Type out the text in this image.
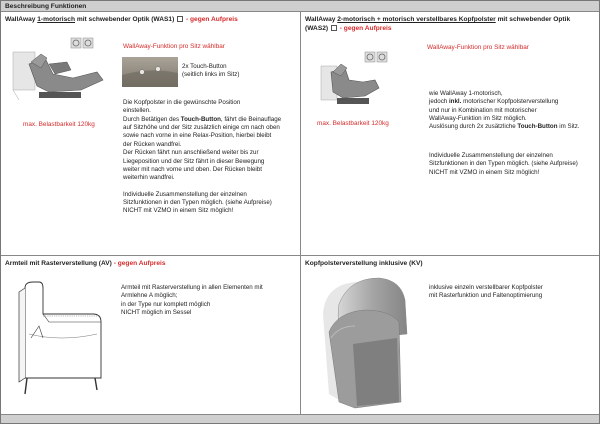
Beschreibung Funktionen
WallAway 1-motorisch mit schwebender Optik (WAS1)  - gegen Aufpreis
max. Belastbarkeit 120kg
WallAway-Funktion pro Sitz wählbar
2x Touch-Button
(seitlich links im Sitz)
Die Kopfpolster in die gewünschte Position
einstellen.
Durch Betätigen des Touch-Button, fährt die Beinauflage
auf Sitzhöhe und der Sitz zusätzlich einige cm nach oben
sowie nach vorne in eine Relax-Position, hierbei bleibt
der Rücken wandfrei.
Der Rücken fährt nun anschließend weiter bis zur
Liegeposition und der Sitz fährt in dieser Bewegung
weiter mit nach vorne und oben. Der Rücken bleibt
weiterhin wandfrei.
Individuelle Zusammenstellung der einzelnen
Sitzfunktionen in den Typen möglich. (siehe Aufpreise)
NICHT mit VZMO in einem Sitz möglich!
WallAway 2-motorisch + motorisch verstellbares Kopfpolster mit schwebender Optik
(WAS2)  - gegen Aufpreis
max. Belastbarkeit 120kg
WallAway-Funktion pro Sitz wählbar
wie WallAway 1-motorisch,
jedoch inkl. motorischer Kopfpolsterverstellung
und nur in Kombination mit motorischer
WallAway-Funktion im Sitz möglich.
Auslösung durch 2x zusätzliche Touch-Button im Sitz.
Individuelle Zusammenstellung der einzelnen
Sitzfunktionen in den Typen möglich. (siehe Aufpreise)
NICHT mit VZMO in einem Sitz möglich!
Armteil mit Rasterverstellung (AV) - gegen Aufpreis
Armteil mit Rasterverstellung in allen Elementen mit
Armlehne A möglich;
in der Type nur komplett möglich
NICHT möglich im Sessel
Kopfpolsterverstellung inklusive (KV)
inklusive einzeln verstellbarer Kopfpolster
mit Rasterfunktion und Faltenoptimierung
